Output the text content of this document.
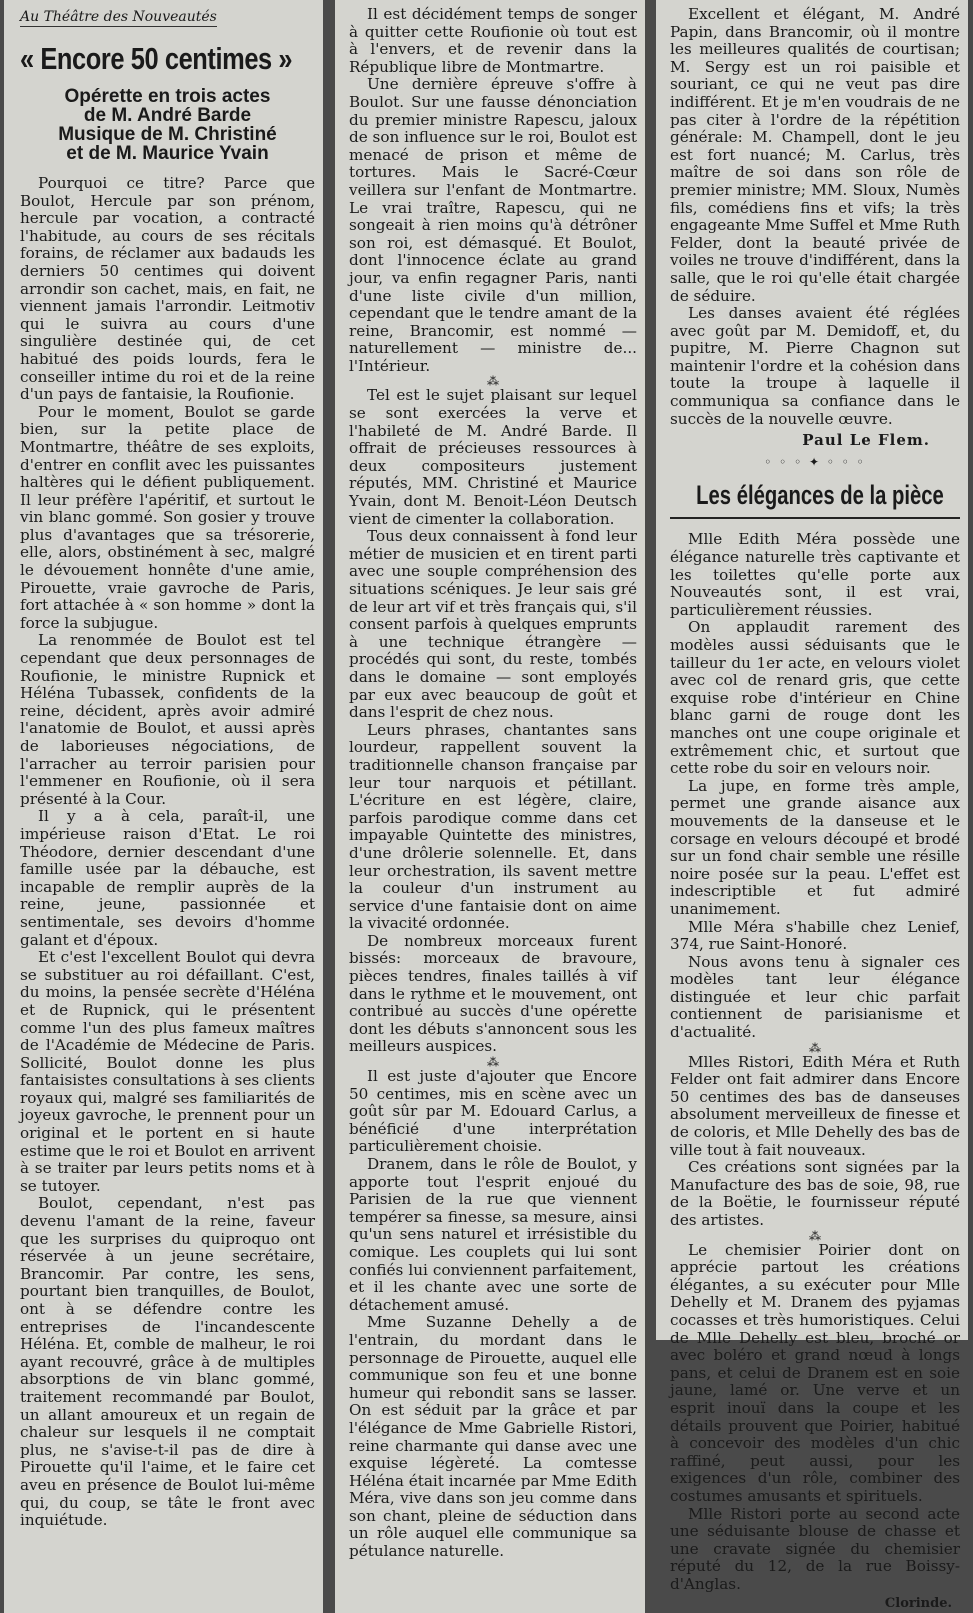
Au Théâtre des Nouveautés
« Encore 50 centimes »

Opérette en trois actes

de M. André Barde

Musique de M. Christiné

et de M. Maurice Yvain

Pourquoi ce titre? Parce que Boulot, Hercule par son prénom, hercule par vocation, a contracté l'habitude, au cours de ses récitals forains, de réclamer aux badauds les derniers 50 centimes qui doivent arrondir son cachet, mais, en fait, ne viennent jamais l'arrondir. Leitmotiv qui le suivra au cours d'une singulière destinée qui, de cet habitué des poids lourds, fera le conseiller intime du roi et de la reine d'un pays de fantaisie, la Roufionie.

Pour le moment, Boulot se garde bien, sur la petite place de Montmartre, théâtre de ses exploits, d'entrer en conflit avec les puissantes haltères qui le défient publiquement. Il leur préfère l'apéritif, et surtout le vin blanc gommé. Son gosier y trouve plus d'avantages que sa trésorerie, elle, alors, obstinément à sec, malgré le dévouement honnête d'une amie, Pirouette, vraie gavroche de Paris, fort attachée à « son homme » dont la force la subjugue.

La renommée de Boulot est tel cependant que deux personnages de Roufionie, le ministre Rupnick et Héléna Tubassek, confidents de la reine, décident, après avoir admiré l'anatomie de Boulot, et aussi après de laborieuses négociations, de l'arracher au terroir parisien pour l'emmener en Roufionie, où il sera présenté à la Cour.

Il y a à cela, paraît-il, une impérieuse raison d'Etat. Le roi Théodore, dernier descendant d'une famille usée par la débauche, est incapable de remplir auprès de la reine, jeune, passionnée et sentimentale, ses devoirs d'homme galant et d'époux.

Et c'est l'excellent Boulot qui devra se substituer au roi défaillant. C'est, du moins, la pensée secrète d'Héléna et de Rupnick, qui le présentent comme l'un des plus fameux maîtres de l'Académie de Médecine de Paris. Sollicité, Boulot donne les plus fantaisistes consultations à ses clients royaux qui, malgré ses familiarités de joyeux gavroche, le prennent pour un original et le portent en si haute estime que le roi et Boulot en arrivent à se traiter par leurs petits noms et à se tutoyer.

Boulot, cependant, n'est pas devenu l'amant de la reine, faveur que les surprises du quiproquo ont réservée à un jeune secrétaire, Brancomir. Par contre, les sens, pourtant bien tranquilles, de Boulot, ont à se défendre contre les entreprises de l'incandescente Héléna. Et, comble de malheur, le roi ayant recouvré, grâce à de multiples absorptions de vin blanc gommé, traitement recommandé par Boulot, un allant amoureux et un regain de chaleur sur lesquels il ne comptait plus, ne s'avise-t-il pas de dire à Pirouette qu'il l'aime, et le faire cet aveu en présence de Boulot lui-même qui, du coup, se tâte le front avec inquiétude.

Il est décidément temps de songer à quitter cette Roufionie où tout est à l'envers, et de revenir dans la République libre de Montmartre.

Une dernière épreuve s'offre à Boulot. Sur une fausse dénonciation du premier ministre Rapescu, jaloux de son influence sur le roi, Boulot est menacé de prison et même de tortures. Mais le Sacré-Cœur veillera sur l'enfant de Montmartre. Le vrai traître, Rapescu, qui ne songeait à rien moins qu'à détrôner son roi, est démasqué. Et Boulot, dont l'innocence éclate au grand jour, va enfin regagner Paris, nanti d'une liste civile d'un million, cependant que le tendre amant de la reine, Brancomir, est nommé — naturellement — ministre de... l'Intérieur.

⁂

Tel est le sujet plaisant sur lequel se sont exercées la verve et l'habileté de M. André Barde. Il offrait de précieuses ressources à deux compositeurs justement réputés, MM. Christiné et Maurice Yvain, dont M. Benoit-Léon Deutsch vient de cimenter la collaboration.

Tous deux connaissent à fond leur métier de musicien et en tirent parti avec une souple compréhension des situations scéniques. Je leur sais gré de leur art vif et très français qui, s'il consent parfois à quelques emprunts à une technique étrangère — procédés qui sont, du reste, tombés dans le domaine — sont employés par eux avec beaucoup de goût et dans l'esprit de chez nous.

Leurs phrases, chantantes sans lourdeur, rappellent souvent la traditionnelle chanson française par leur tour narquois et pétillant. L'écriture en est légère, claire, parfois parodique comme dans cet impayable Quintette des ministres, d'une drôlerie solennelle. Et, dans leur orchestration, ils savent mettre la couleur d'un instrument au service d'une fantaisie dont on aime la vivacité ordonnée.

De nombreux morceaux furent bissés: morceaux de bravoure, pièces tendres, finales taillés à vif dans le rythme et le mouvement, ont contribué au succès d'une opérette dont les débuts s'annoncent sous les meilleurs auspices.

⁂

Il est juste d'ajouter que Encore 50 centimes, mis en scène avec un goût sûr par M. Edouard Carlus, a bénéficié d'une interprétation particulièrement choisie.

Dranem, dans le rôle de Boulot, y apporte tout l'esprit enjoué du Parisien de la rue que viennent tempérer sa finesse, sa mesure, ainsi qu'un sens naturel et irrésistible du comique. Les couplets qui lui sont confiés lui conviennent parfaitement, et il les chante avec une sorte de détachement amusé.

Mme Suzanne Dehelly a de l'entrain, du mordant dans le personnage de Pirouette, auquel elle communique son feu et une bonne humeur qui rebondit sans se lasser. On est séduit par la grâce et par l'élégance de Mme Gabrielle Ristori, reine charmante qui danse avec une exquise légèreté. La comtesse Héléna était incarnée par Mme Edith Méra, vive dans son jeu comme dans son chant, pleine de séduction dans un rôle auquel elle communique sa pétulance naturelle.

Excellent et élégant, M. André Papin, dans Brancomir, où il montre les meilleures qualités de courtisan; M. Sergy est un roi paisible et souriant, ce qui ne veut pas dire indifférent. Et je m'en voudrais de ne pas citer à l'ordre de la répétition générale: M. Champell, dont le jeu est fort nuancé; M. Carlus, très maître de soi dans son rôle de premier ministre; MM. Sloux, Numès fils, comédiens fins et vifs; la très engageante Mme Suffel et Mme Ruth Felder, dont la beauté privée de voiles ne trouve d'indifférent, dans la salle, que le roi qu'elle était chargée de séduire.

Les danses avaient été réglées avec goût par M. Demidoff, et, du pupitre, M. Pierre Chagnon sut maintenir l'ordre et la cohésion dans toute la troupe à laquelle il communiqua sa confiance dans le succès de la nouvelle œuvre.

Paul Le Flem.

◦ ◦ ◦ ✦ ◦ ◦ ◦

Les élégances de la pièce

Mlle Edith Méra possède une élégance naturelle très captivante et les toilettes qu'elle porte aux Nouveautés sont, il est vrai, particulièrement réussies.

On applaudit rarement des modèles aussi séduisants que le tailleur du 1er acte, en velours violet avec col de renard gris, que cette exquise robe d'intérieur en Chine blanc garni de rouge dont les manches ont une coupe originale et extrêmement chic, et surtout que cette robe du soir en velours noir.

La jupe, en forme très ample, permet une grande aisance aux mouvements de la danseuse et le corsage en velours découpé et brodé sur un fond chair semble une résille noire posée sur la peau. L'effet est indescriptible et fut admiré unanimement.

Mlle Méra s'habille chez Lenief, 374, rue Saint-Honoré.

Nous avons tenu à signaler ces modèles tant leur élégance distinguée et leur chic parfait contiennent de parisianisme et d'actualité.

⁂

Mlles Ristori, Edith Méra et Ruth Felder ont fait admirer dans Encore 50 centimes des bas de danseuses absolument merveilleux de finesse et de coloris, et Mlle Dehelly des bas de ville tout à fait nouveaux.

Ces créations sont signées par la Manufacture des bas de soie, 98, rue de la Boëtie, le fournisseur réputé des artistes.

⁂

Le chemisier Poirier dont on apprécie partout les créations élégantes, a su exécuter pour Mlle Dehelly et M. Dranem des pyjamas cocasses et très humoristiques. Celui de Mlle Dehelly est bleu, broché or avec boléro et grand nœud à longs pans, et celui de Dranem est en soie jaune, lamé or. Une verve et un esprit inouï dans la coupe et les détails prouvent que Poirier, habitué à concevoir des modèles d'un chic raffiné, peut aussi, pour les exigences d'un rôle, combiner des costumes amusants et spirituels.

Mlle Ristori porte au second acte une séduisante blouse de chasse et une cravate signée du chemisier réputé du 12, de la rue Boissy-d'Anglas.

Clorinde.
